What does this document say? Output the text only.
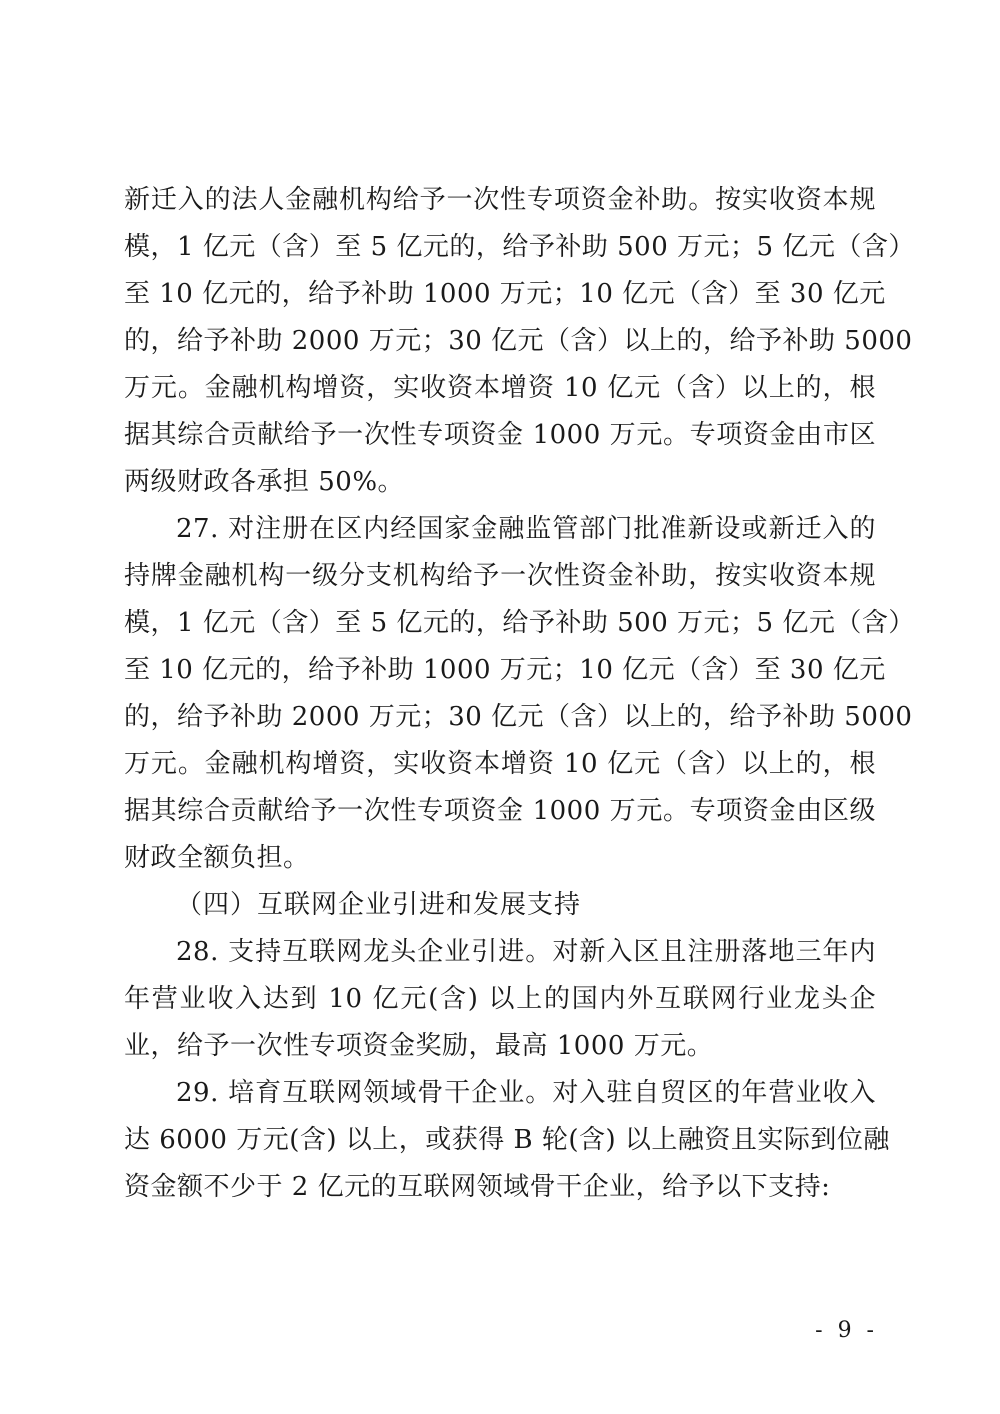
新迁入的法人金融机构给予一次性专项资金补助。按实收资本规
模，1 亿元（含）至 5 亿元的，给予补助 500 万元；5 亿元（含）
至 10 亿元的，给予补助 1000 万元；10 亿元（含）至 30 亿元
的，给予补助 2000 万元；30 亿元（含）以上的，给予补助 5000
万元。金融机构增资，实收资本增资 10 亿元（含）以上的，根
据其综合贡献给予一次性专项资金 1000 万元。专项资金由市区
两级财政各承担 50%。
27. 对注册在区内经国家金融监管部门批准新设或新迁入的
持牌金融机构一级分支机构给予一次性资金补助，按实收资本规
模，1 亿元（含）至 5 亿元的，给予补助 500 万元；5 亿元（含）
至 10 亿元的，给予补助 1000 万元；10 亿元（含）至 30 亿元
的，给予补助 2000 万元；30 亿元（含）以上的，给予补助 5000
万元。金融机构增资，实收资本增资 10 亿元（含）以上的，根
据其综合贡献给予一次性专项资金 1000 万元。专项资金由区级
财政全额负担。
（四）互联网企业引进和发展支持
28. 支持互联网龙头企业引进。对新入区且注册落地三年内
年营业收入达到 10 亿元(含) 以上的国内外互联网行业龙头企
业，给予一次性专项资金奖励，最高 1000 万元。
29. 培育互联网领域骨干企业。对入驻自贸区的年营业收入
达 6000 万元(含) 以上，或获得 B 轮(含) 以上融资且实际到位融
资金额不少于 2 亿元的互联网领域骨干企业，给予以下支持:
- 9 -
